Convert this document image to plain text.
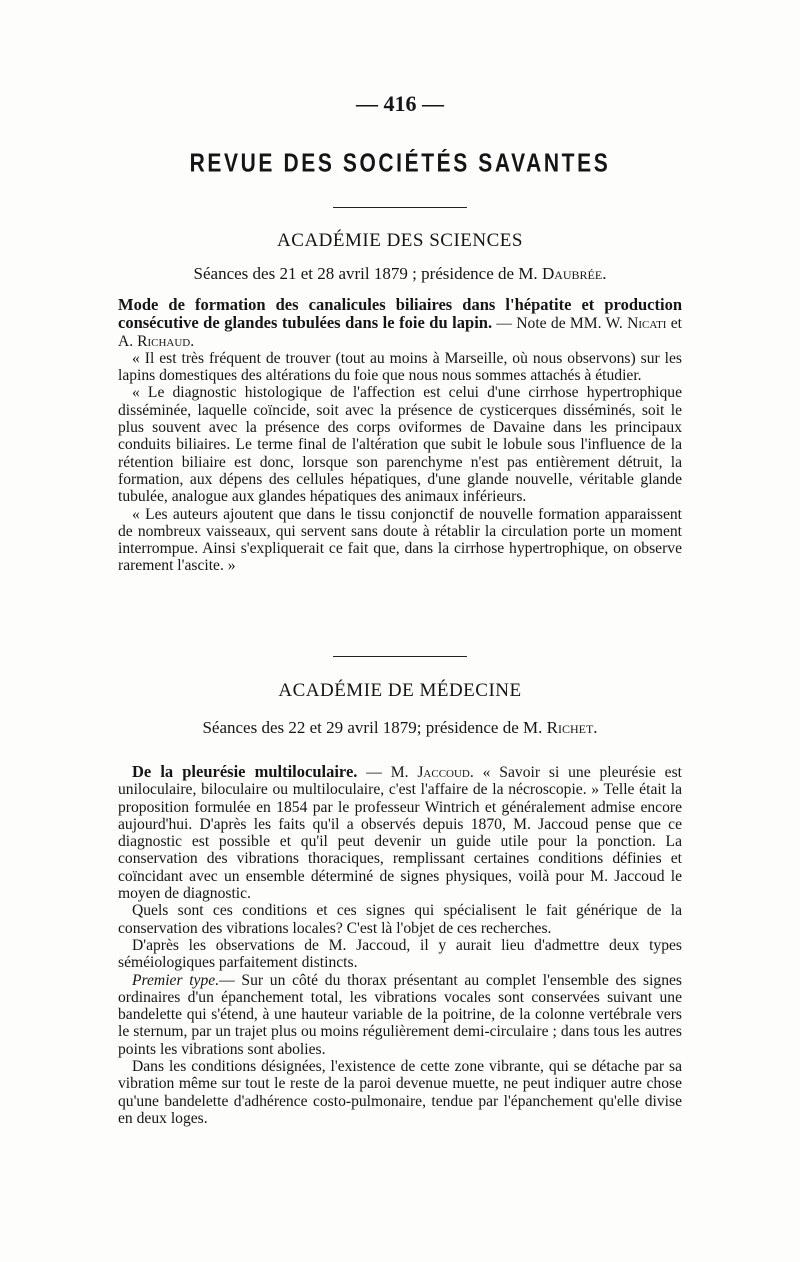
— 416 —
REVUE DES SOCIÉTÉS SAVANTES
ACADÉMIE DES SCIENCES
Séances des 21 et 28 avril 1879 ; présidence de M. Daubrée.

Mode de formation des canalicules biliaires dans l'hépatite et production consécutive de glandes tubulées dans le foie du lapin. — Note de MM. W. Nicati et A. Richaud.

« Il est très fréquent de trouver (tout au moins à Marseille, où nous observons) sur les lapins domestiques des altérations du foie que nous nous sommes attachés à étudier.

« Le diagnostic histologique de l'affection est celui d'une cirrhose hypertrophique disséminée, laquelle coïncide, soit avec la présence de cysticerques disséminés, soit le plus souvent avec la présence des corps oviformes de Davaine dans les principaux conduits biliaires. Le terme final de l'altération que subit le lobule sous l'influence de la rétention biliaire est donc, lorsque son parenchyme n'est pas entièrement détruit, la formation, aux dépens des cellules hépatiques, d'une glande nouvelle, véritable glande tubulée, analogue aux glandes hépatiques des animaux inférieurs.

« Les auteurs ajoutent que dans le tissu conjonctif de nouvelle formation apparaissent de nombreux vaisseaux, qui servent sans doute à rétablir la circulation porte un moment interrompue. Ainsi s'expliquerait ce fait que, dans la cirrhose hypertrophique, on observe rarement l'ascite. »

ACADÉMIE DE MÉDECINE
Séances des 22 et 29 avril 1879; présidence de M. Richet.

De la pleurésie multiloculaire. — M. Jaccoud. « Savoir si une pleurésie est uniloculaire, biloculaire ou multiloculaire, c'est l'affaire de la nécroscopie. » Telle était la proposition formulée en 1854 par le professeur Wintrich et généralement admise encore aujourd'hui. D'après les faits qu'il a observés depuis 1870, M. Jaccoud pense que ce diagnostic est possible et qu'il peut devenir un guide utile pour la ponction. La conservation des vibrations thoraciques, remplissant certaines conditions définies et coïncidant avec un ensemble déterminé de signes physiques, voilà pour M. Jaccoud le moyen de diagnostic.

Quels sont ces conditions et ces signes qui spécialisent le fait générique de la conservation des vibrations locales? C'est là l'objet de ces recherches.

D'après les observations de M. Jaccoud, il y aurait lieu d'admettre deux types séméiologiques parfaitement distincts.

Premier type.— Sur un côté du thorax présentant au complet l'ensemble des signes ordinaires d'un épanchement total, les vibrations vocales sont conservées suivant une bandelette qui s'étend, à une hauteur variable de la poitrine, de la colonne vertébrale vers le sternum, par un trajet plus ou moins régulièrement demi-circulaire ; dans tous les autres points les vibrations sont abolies.

Dans les conditions désignées, l'existence de cette zone vibrante, qui se détache par sa vibration même sur tout le reste de la paroi devenue muette, ne peut indiquer autre chose qu'une bandelette d'adhérence costo-pulmonaire, tendue par l'épanchement qu'elle divise en deux loges.
